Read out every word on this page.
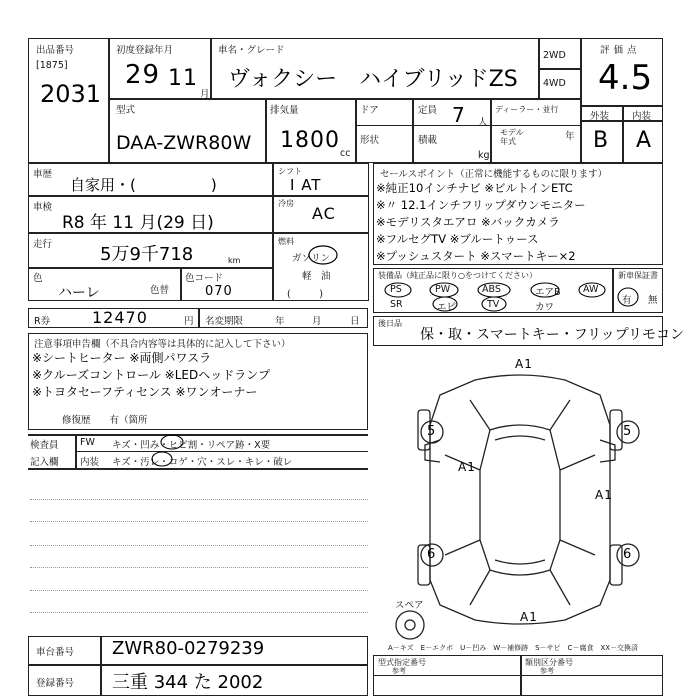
出品番号
[1875]
2031
初度登録年月
29 11
月
車名・グレード
ヴォクシー　ハイブリッドZS
2WD
4WD
評価点
4.5
外装 内装
B A
型式
DAA-ZWR80W
排気量
1800
cc
ドア
形状
定員 7 人
積載
kg
ディーラー・並行
モデル
年式	年
車歴
自家用・(　　　　　)
車検
R8 年 11 月(29 日)
走行	5万9千718	km
色
ハーレ	色替
色コード
070
シフト
I AT
冷房
AC
燃料
ガソリン
軽　油
(　　　)
R券	12470	円 名変期限	年	月	日
注意事項申告欄（不具合内容等は具体的に記入して下さい）
※シートヒーター ※両側パワスラ
※クルーズコントロール ※LEDヘッドランプ
※トヨタセーフティセンス ※ワンオーナー
修復歴　　有（箇所
検査員
記入欄
FW キズ・凹み・ヒビ割・リペア跡・X要
内装 キズ・汚レ・コゲ・穴・スレ・キレ・破レ
セールスポイント（正常に機能するものに限ります）
※純正10インチナビ ※ビルトインETC
※〃 12.1インチフリップダウンモニター
※モデリスタエアロ ※バックカメラ
※フルセグTV ※ブルートゥース
※プッシュスタート ※スマートキー×2
装備品（純正品に限り○をつけてください）	新車保証書
PS	PW	ABS	エアB AW
SR	エビ	TV	カワ
有 無
後日品
保・取・スマートキー・フリップリモコン
A1
5	5
A1
A1
6	6
A1
スペア
A－キズ　E－エクボ　U－凹み　W－補修跡　S－サビ　C－腐食　XX－交換済
車台番号 ZWR80-0279239
登録番号 三重 344 た 2002
型式指定番号
参考
類別区分番号
参考
